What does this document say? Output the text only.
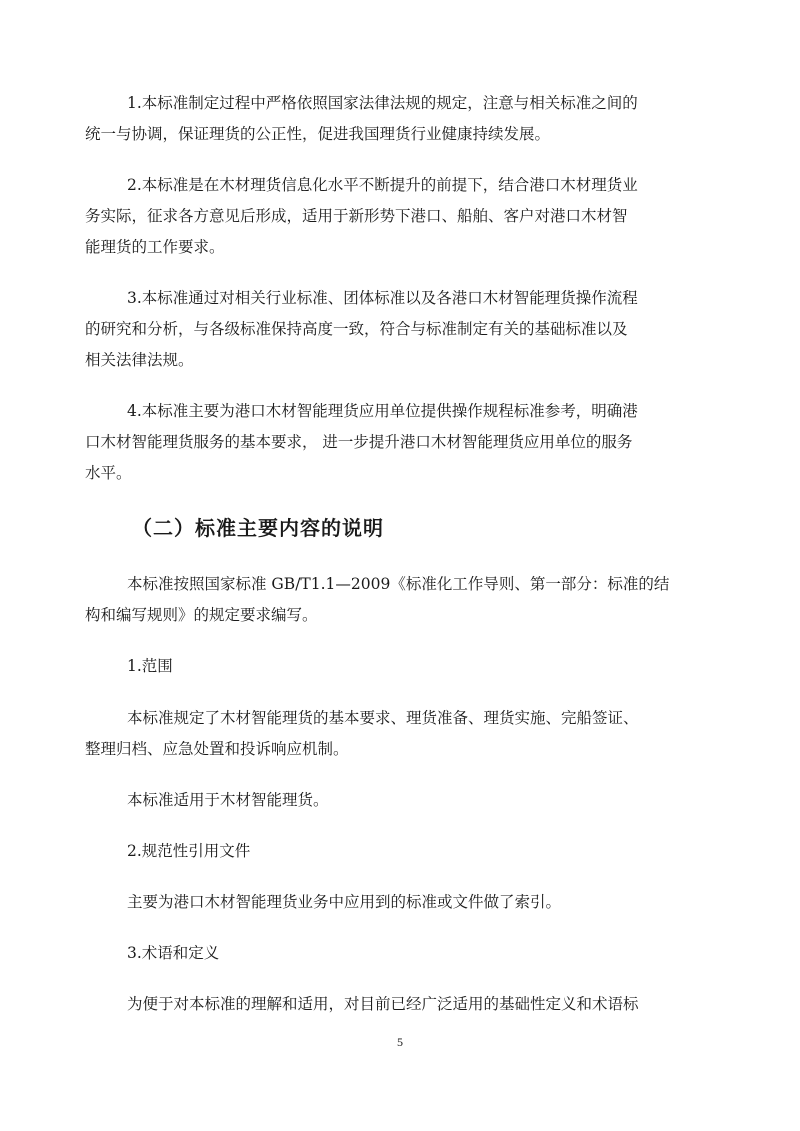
1.本标准制定过程中严格依照国家法律法规的规定，注意与相关标准之间的
统一与协调，保证理货的公正性，促进我国理货行业健康持续发展。

2.本标准是在木材理货信息化水平不断提升的前提下，结合港口木材理货业
务实际，征求各方意见后形成，适用于新形势下港口、船舶、客户对港口木材智
能理货的工作要求。

3.本标准通过对相关行业标准、团体标准以及各港口木材智能理货操作流程
的研究和分析，与各级标准保持高度一致，符合与标准制定有关的基础标准以及
相关法律法规。

4.本标准主要为港口木材智能理货应用单位提供操作规程标准参考，明确港
口木材智能理货服务的基本要求， 进一步提升港口木材智能理货应用单位的服务
水平。

（二）标准主要内容的说明

本标准按照国家标准 GB/T1.1—2009《标准化工作导则、第一部分：标准的结
构和编写规则》的规定要求编写。

1.范围

本标准规定了木材智能理货的基本要求、理货准备、理货实施、完船签证、
整理归档、应急处置和投诉响应机制。

本标准适用于木材智能理货。

2.规范性引用文件

主要为港口木材智能理货业务中应用到的标准或文件做了索引。

3.术语和定义

为便于对本标准的理解和适用，对目前已经广泛适用的基础性定义和术语标

5
